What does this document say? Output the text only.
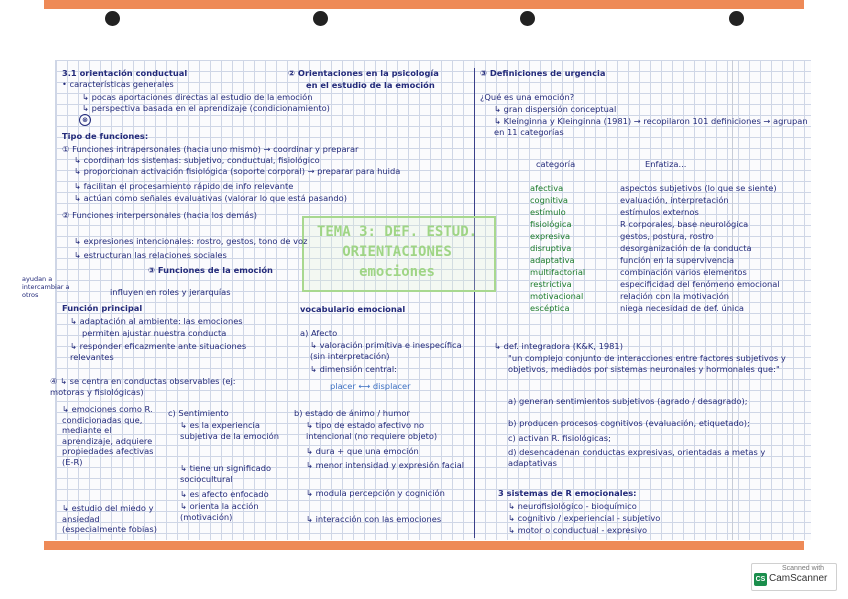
TEMA 3: DEF. ESTUD.
ORIENTACIONES
emociones
3.1 orientación conductual
• características generales
↳ pocas aportaciones directas al estudio de la emoción
↳ perspectiva basada en el aprendizaje (condicionamiento)
⊗
Tipo de funciones:
① Funciones intrapersonales (hacia uno mismo) → coordinar y preparar
↳ coordinan los sistemas: subjetivo, conductual, fisiológico
↳ proporcionan activación fisiológica (soporte corporal) → preparar para huida
↳ facilitan el procesamiento rápido de info relevante
↳ actúan como señales evaluativas (valorar lo que está pasando)
② Funciones interpersonales (hacia los demás)
↳ expresiones intencionales: rostro, gestos, tono de voz
↳ estructuran las relaciones sociales
③ Funciones de la emoción
influyen en roles y jerarquías
ayudan a intercambiar a otros
Función principal
↳ adaptación al ambiente: las emociones
permiten ajustar nuestra conducta
↳ responder eficazmente ante situaciones relevantes
④ ↳ se centra en conductas observables (ej: motoras y fisiológicas)
↳ emociones como R. condicionadas que, mediante el aprendizaje, adquiere propiedades afectivas (E-R)
↳ estudio del miedo y ansiedad (especialmente fobias)
② Orientaciones en la psicología
en el estudio de la emoción
vocabulario emocional
a) Afecto
↳ valoración primitiva e inespecífica (sin interpretación)
↳ dimensión central:
placer ⟷ displacer
c) Sentimiento
↳ es la experiencia subjetiva de la emoción
↳ tiene un significado sociocultural
↳ es afecto enfocado
↳ orienta la acción (motivación)
b) estado de ánimo / humor
↳ tipo de estado afectivo no intencional (no requiere objeto)
↳ dura + que una emoción
↳ menor intensidad y expresión facial
↳ modula percepción y cognición
↳ interacción con las emociones
③ Definiciones de urgencia
¿Qué es una emoción?
↳ gran dispersión conceptual
↳ Kleinginna y Kleinginna (1981) → recopilaron 101 definiciones → agrupan en 11 categorías
categoría	Enfatiza...
afectiva	aspectos subjetivos (lo que se siente)
cognitiva	evaluación, interpretación
estímulo	estímulos externos
fisiológica	R corporales, base neurológica
expresiva	gestos, postura, rostro
disruptiva	desorganización de la conducta
adaptativa	función en la supervivencia
multifactorial	combinación varios elementos
restrictiva	especificidad del fenómeno emocional
motivacional	relación con la motivación
escéptica	niega necesidad de def. única
↳ def. integradora (K&K, 1981)
"un complejo conjunto de interacciones entre factores subjetivos y objetivos, mediados por sistemas neuronales y hormonales que:"
a) generan sentimientos subjetivos (agrado / desagrado);
b) producen procesos cognitivos (evaluación, etiquetado);
c) activan R. fisiológicas;
d) desencadenan conductas expresivas, orientadas a metas y adaptativas
3 sistemas de R emocionales:
↳ neurofisiológico - bioquímico
↳ cognitivo / experiencial - subjetivo
↳ motor o conductual - expresivo
Scanned with
CS CamScanner
